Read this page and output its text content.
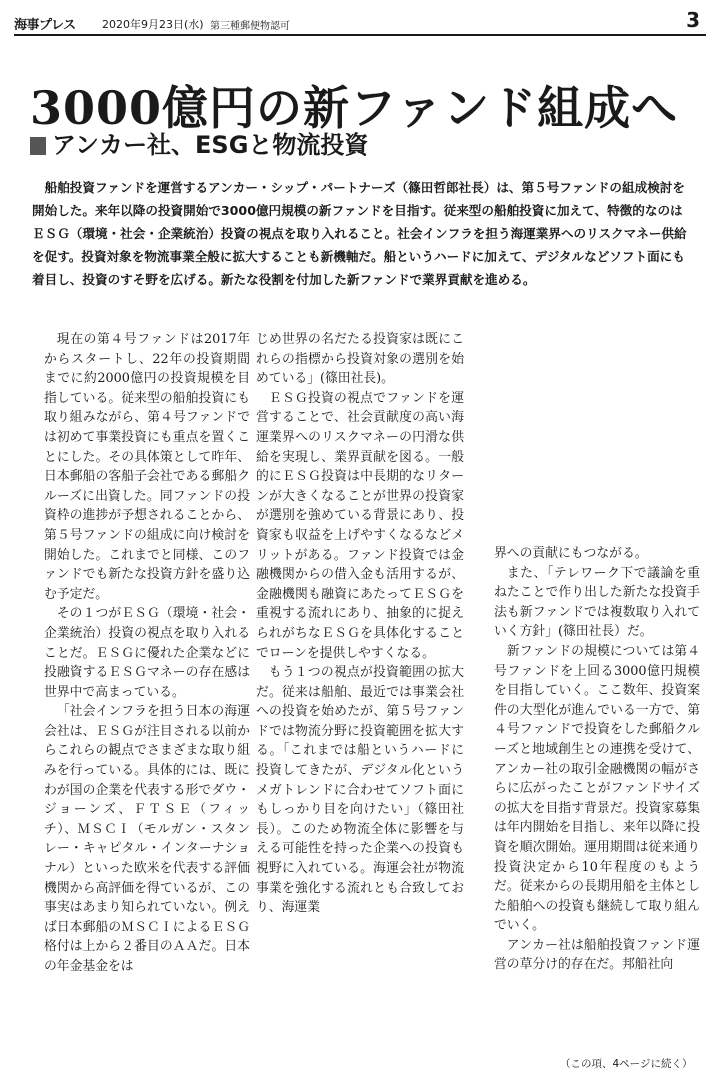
海事プレス 2020年9月23日(水) 第三種郵便物認可	3
3000億円の新ファンド組成へ
アンカー社、ESGと物流投資

船舶投資ファンドを運営するアンカー・シップ・パートナーズ（篠田哲郎社長）は、第５号ファンドの組成検討を開始した。来年以降の投資開始で3000億円規模の新ファンドを目指す。従来型の船舶投資に加えて、特徴的なのはＥＳＧ（環境・社会・企業統治）投資の視点を取り入れること。社会インフラを担う海運業界へのリスクマネー供給を促す。投資対象を物流事業全般に拡大することも新機軸だ。船というハードに加えて、デジタルなどソフト面にも着目し、投資のすそ野を広げる。新たな役割を付加した新ファンドで業界貢献を進める。

現在の第４号ファンドは2017年からスタートし、22年の投資期間までに約2000億円の投資規模を目指している。従来型の船舶投資にも取り組みながら、第４号ファンドでは初めて事業投資にも重点を置くことにした。その具体策として昨年、日本郵船の客船子会社である郵船クルーズに出資した。同ファンドの投資枠の進捗が予想されることから、第５号ファンドの組成に向け検討を開始した。これまでと同様、このファンドでも新たな投資方針を盛り込む予定だ。

その１つがＥＳＧ（環境・社会・企業統治）投資の視点を取り入れることだ。ＥＳＧに優れた企業などに投融資するＥＳＧマネーの存在感は世界中で高まっている。

「社会インフラを担う日本の海運会社は、ＥＳＧが注目される以前からこれらの観点でさまざまな取り組みを行っている。具体的には、既にわが国の企業を代表する形でダウ・ジョーンズ、ＦＴＳＥ（フィッチ）、ＭＳＣＩ（モルガン・スタンレー・キャピタル・インターナショナル）といった欧米を代表する評価機関から高評価を得ているが、この事実はあまり知られていない。例えば日本郵船のＭＳＣＩによるＥＳＧ格付は上から２番目のＡＡだ。日本の年金基金をは

じめ世界の名だたる投資家は既にこれらの指標から投資対象の選別を始めている」(篠田社長)。

ＥＳＧ投資の視点でファンドを運営することで、社会貢献度の高い海運業界へのリスクマネーの円滑な供給を実現し、業界貢献を図る。一般的にＥＳＧ投資は中長期的なリターンが大きくなることが世界の投資家が選別を強めている背景にあり、投資家も収益を上げやすくなるなどメリットがある。ファンド投資では金融機関からの借入金も活用するが、金融機関も融資にあたってＥＳＧを重視する流れにあり、抽象的に捉えられがちなＥＳＧを具体化することでローンを提供しやすくなる。

もう１つの視点が投資範囲の拡大だ。従来は船舶、最近では事業会社への投資を始めたが、第５号ファンドでは物流分野に投資範囲を拡大する。「これまでは船というハードに投資してきたが、デジタル化というメガトレンドに合わせてソフト面にもしっかり目を向けたい」（篠田社長）。このため物流全体に影響を与える可能性を持った企業への投資も視野に入れている。海運会社が物流事業を強化する流れとも合致しており、海運業

界への貢献にもつながる。

また、「テレワーク下で議論を重ねたことで作り出した新たな投資手法も新ファンドでは複数取り入れていく方針」(篠田社長）だ。

新ファンドの規模については第４号ファンドを上回る3000億円規模を目指していく。ここ数年、投資案件の大型化が進んでいる一方で、第４号ファンドで投資をした郵船クルーズと地域創生との連携を受けて、アンカー社の取引金融機関の幅がさらに広がったことがファンドサイズの拡大を目指す背景だ。投資家募集は年内開始を目指し、来年以降に投資を順次開始。運用期間は従来通り投資決定から10年程度のもようだ。従来からの長期用船を主体とした船舶への投資も継続して取り組んでいく。

アンカー社は船舶投資ファンド運営の草分け的存在だ。邦船社向

（この項、4ページに続く）
